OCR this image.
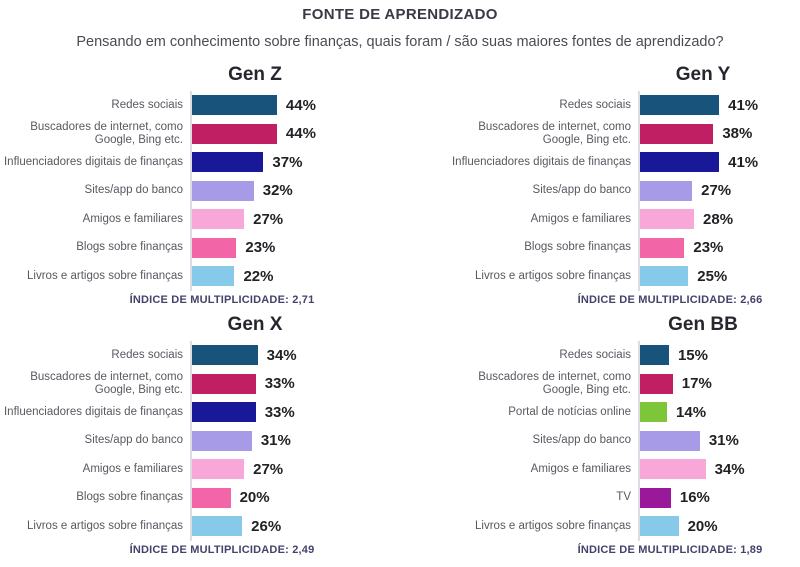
FONTE DE APRENDIZADO
Pensando em conhecimento sobre finanças, quais foram / são suas maiores fontes de aprendizado?
Gen Z
Redes sociais	44%
Buscadores de internet, como Google, Bing etc.	44%
Influenciadores digitais de finanças	37%
Sites/app do banco	32%
Amigos e familiares	27%
Blogs sobre finanças	23%
Livros e artigos sobre finanças	22%
ÍNDICE DE MULTIPLICIDADE: 2,71
Gen Y
Redes sociais	41%
Buscadores de internet, como Google, Bing etc.	38%
Influenciadores digitais de finanças	41%
Sites/app do banco	27%
Amigos e familiares	28%
Blogs sobre finanças	23%
Livros e artigos sobre finanças	25%
ÍNDICE DE MULTIPLICIDADE: 2,66
Gen X
Redes sociais	34%
Buscadores de internet, como Google, Bing etc.	33%
Influenciadores digitais de finanças	33%
Sites/app do banco	31%
Amigos e familiares	27%
Blogs sobre finanças	20%
Livros e artigos sobre finanças	26%
ÍNDICE DE MULTIPLICIDADE: 2,49
Gen BB
Redes sociais	15%
Buscadores de internet, como Google, Bing etc.	17%
Portal de notícias online	14%
Sites/app do banco	31%
Amigos e familiares	34%
TV	16%
Livros e artigos sobre finanças	20%
ÍNDICE DE MULTIPLICIDADE: 1,89
